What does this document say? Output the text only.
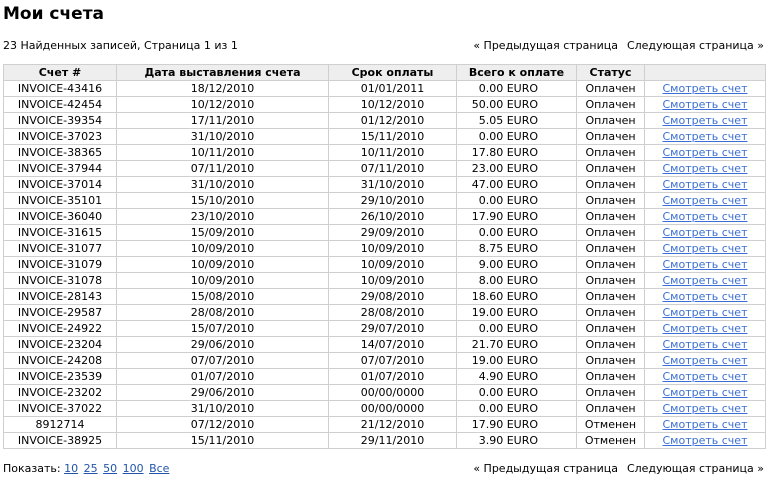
Мои счета
23 Найденных записей, Страница 1 из 1	« Предыдущая страница Следующая страница »
Счет #	Дата выставления счета	Срок оплаты	Всего к оплате	Статус	
INVOICE-43416	18/12/2010	01/01/2011	0.00 EURO	Оплачен	Смотреть счет
INVOICE-42454	10/12/2010	10/12/2010	50.00 EURO	Оплачен	Смотреть счет
INVOICE-39354	17/11/2010	01/12/2010	5.05 EURO	Оплачен	Смотреть счет
INVOICE-37023	31/10/2010	15/11/2010	0.00 EURO	Оплачен	Смотреть счет
INVOICE-38365	10/11/2010	10/11/2010	17.80 EURO	Оплачен	Смотреть счет
INVOICE-37944	07/11/2010	07/11/2010	23.00 EURO	Оплачен	Смотреть счет
INVOICE-37014	31/10/2010	31/10/2010	47.00 EURO	Оплачен	Смотреть счет
INVOICE-35101	15/10/2010	29/10/2010	0.00 EURO	Оплачен	Смотреть счет
INVOICE-36040	23/10/2010	26/10/2010	17.90 EURO	Оплачен	Смотреть счет
INVOICE-31615	15/09/2010	29/09/2010	0.00 EURO	Оплачен	Смотреть счет
INVOICE-31077	10/09/2010	10/09/2010	8.75 EURO	Оплачен	Смотреть счет
INVOICE-31079	10/09/2010	10/09/2010	9.00 EURO	Оплачен	Смотреть счет
INVOICE-31078	10/09/2010	10/09/2010	8.00 EURO	Оплачен	Смотреть счет
INVOICE-28143	15/08/2010	29/08/2010	18.60 EURO	Оплачен	Смотреть счет
INVOICE-29587	28/08/2010	28/08/2010	19.00 EURO	Оплачен	Смотреть счет
INVOICE-24922	15/07/2010	29/07/2010	0.00 EURO	Оплачен	Смотреть счет
INVOICE-23204	29/06/2010	14/07/2010	21.70 EURO	Оплачен	Смотреть счет
INVOICE-24208	07/07/2010	07/07/2010	19.00 EURO	Оплачен	Смотреть счет
INVOICE-23539	01/07/2010	01/07/2010	4.90 EURO	Оплачен	Смотреть счет
INVOICE-23202	29/06/2010	00/00/0000	0.00 EURO	Оплачен	Смотреть счет
INVOICE-37022	31/10/2010	00/00/0000	0.00 EURO	Оплачен	Смотреть счет
8912714	07/12/2010	21/12/2010	17.90 EURO	Отменен	Смотреть счет
INVOICE-38925	15/11/2010	29/11/2010	3.90 EURO	Отменен	Смотреть счет
Показать: 10 25 50 100 Все	« Предыдущая страница Следующая страница »
